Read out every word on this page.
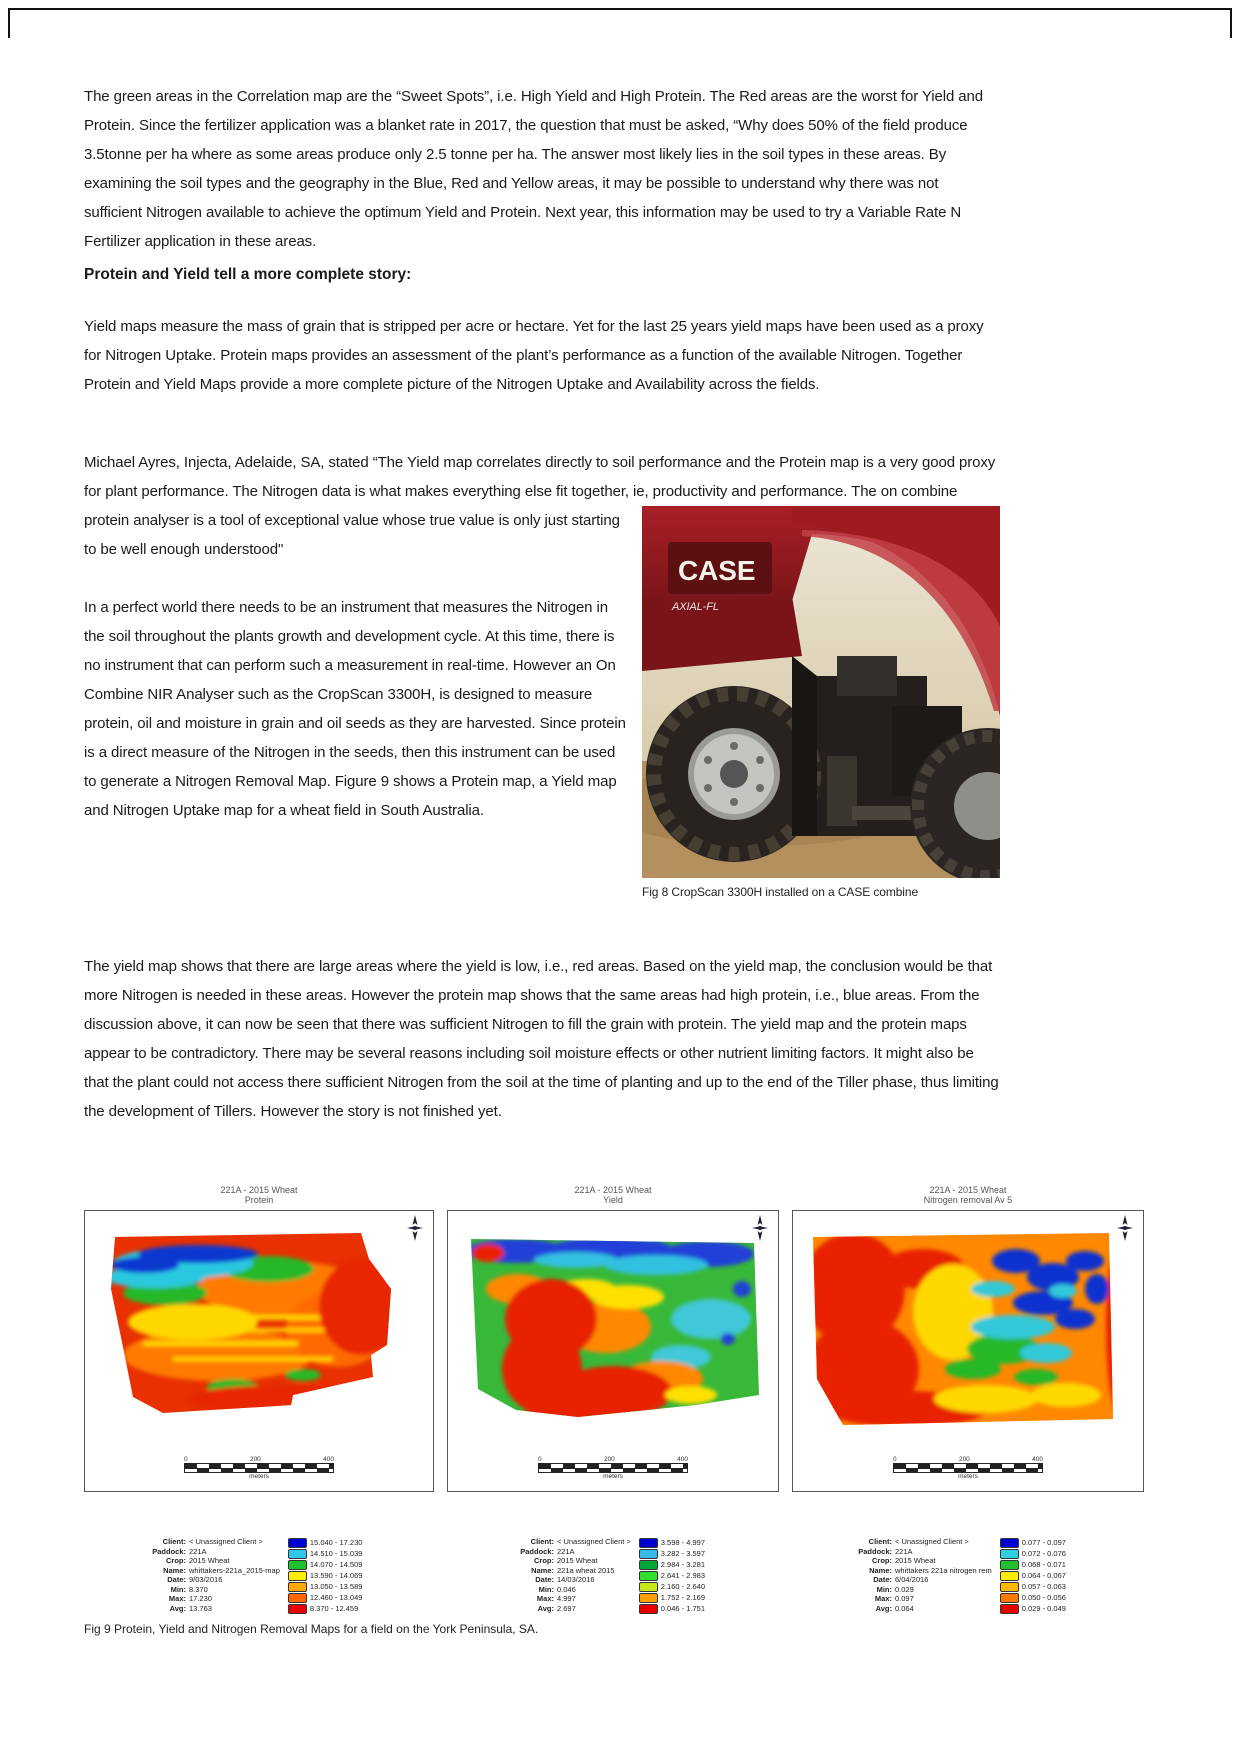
The green areas in the Correlation map are the “Sweet Spots”, i.e. High Yield and High Protein. The Red areas are the worst for Yield and Protein. Since the fertilizer application was a blanket rate in 2017, the question that must be asked, “Why does 50% of the field produce 3.5tonne per ha where as some areas produce only 2.5 tonne per ha. The answer most likely lies in the soil types in these areas. By examining the soil types and the geography in the Blue, Red and Yellow areas, it may be possible to understand why there was not sufficient Nitrogen available to achieve the optimum Yield and Protein. Next year, this information may be used to try a Variable Rate N Fertilizer application in these areas.
Protein and Yield tell a more complete story:
Yield maps measure the mass of grain that is stripped per acre or hectare. Yet for the last 25 years yield maps have been used as a proxy for Nitrogen Uptake. Protein maps provides an assessment of the plant’s performance as a function of the available Nitrogen. Together Protein and Yield Maps provide a more complete picture of the Nitrogen Uptake and Availability across the fields.

CASE
AXIAL-FL
Fig 8 CropScan 3300H installed on a CASE combine
Michael Ayres, Injecta, Adelaide, SA, stated “The Yield map correlates directly to soil performance and the Protein map is a very good proxy for plant performance. The Nitrogen data is what makes everything else fit together, ie, productivity and performance. The on combine protein analyser is a tool of exceptional value whose true value is only just starting to be well enough understood"

In a perfect world there needs to be an instrument that measures the Nitrogen in the soil throughout the plants growth and development cycle. At this time, there is no instrument that can perform such a measurement in real-time. However an On Combine NIR Analyser such as the CropScan 3300H, is designed to measure protein, oil and moisture in grain and oil seeds as they are harvested. Since protein is a direct measure of the Nitrogen in the seeds, then this instrument can be used to generate a Nitrogen Removal Map. Figure 9 shows a Protein map, a Yield map and Nitrogen Uptake map for a wheat field in South Australia.

The yield map shows that there are large areas where the yield is low, i.e., red areas. Based on the yield map, the conclusion would be that more Nitrogen is needed in these areas. However the protein map shows that the same areas had high protein, i.e., blue areas. From the discussion above, it can now be seen that there was sufficient Nitrogen to fill the grain with protein. The yield map and the protein maps appear to be contradictory. There may be several reasons including soil moisture effects or other nutrient limiting factors. It might also be that the plant could not access there sufficient Nitrogen from the soil at the time of planting and up to the end of the Tiller phase, thus limiting the development of Tillers. However the story is not finished yet.

221A - 2015 Wheat
Protein
0	200	400
meters
221A - 2015 Wheat
Yield
0	200	400
meters
221A - 2015 Wheat
Nitrogen removal Av 5
0	200	400
meters
Client: < Unassigned Client >
Paddock: 221A
Crop: 2015 Wheat
Name: whittakers-221a_2015-map
Date: 9/03/2016
Min: 8.370
Max: 17.230
Avg: 13.763
15.040 - 17.230
14.510 - 15.039
14.070 - 14.509
13.590 - 14.069
13.050 - 13.589
12.460 - 13.049
8.370 - 12.459
Client: < Unassigned Client >
Paddock: 221A
Crop: 2015 Wheat
Name: 221a wheat 2015
Date: 14/03/2016
Min: 0.046
Max: 4.997
Avg: 2.697
3.598 - 4.997
3.282 - 3.597
2.984 - 3.281
2.641 - 2.983
2.160 - 2.640
1.752 - 2.169
0.046 - 1.751
Client: < Unassigned Client >
Paddock: 221A
Crop: 2015 Wheat
Name: whittakers 221a nitrogen rem
Date: 6/04/2016
Min: 0.029
Max: 0.097
Avg: 0.064
0.077 - 0.097
0.072 - 0.076
0.068 - 0.071
0.064 - 0.067
0.057 - 0.063
0.050 - 0.056
0.029 - 0.049
Fig 9 Protein, Yield and Nitrogen Removal Maps for a field on the York Peninsula, SA.
